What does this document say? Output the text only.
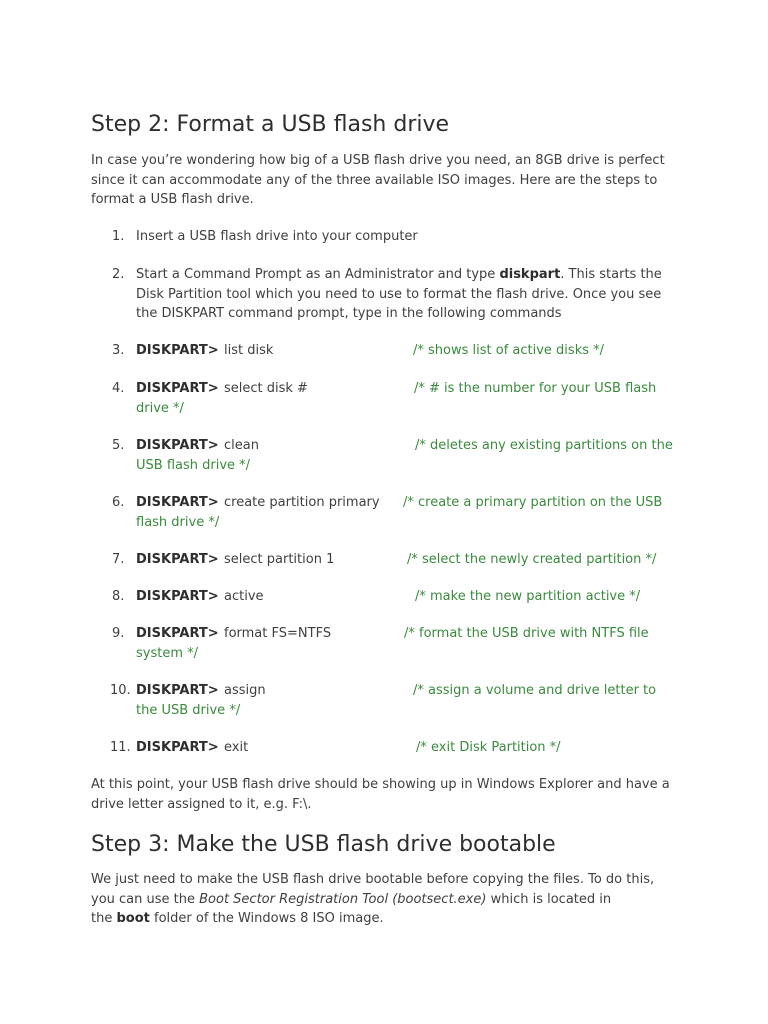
Step 2: Format a USB flash drive

In case you’re wondering how big of a USB flash drive you need, an 8GB drive is perfect
since it can accommodate any of the three available ISO images. Here are the steps to
format a USB flash drive.

1. Insert a USB flash drive into your computer
2. Start a Command Prompt as an Administrator and type diskpart. This starts the
Disk Partition tool which you need to use to format the flash drive. Once you see
the DISKPART command prompt, type in the following commands
3. DISKPART> list disk	/* shows list of active disks */
4. DISKPART> select disk #	/* # is the number for your USB flash
drive */
5. DISKPART> clean	/* deletes any existing partitions on the
USB flash drive */
6. DISKPART> create partition primary /* create a primary partition on the USB
flash drive */
7. DISKPART> select partition 1	/* select the newly created partition */
8. DISKPART> active	/* make the new partition active */
9. DISKPART> format FS=NTFS	/* format the USB drive with NTFS file
system */
10. DISKPART> assign	/* assign a volume and drive letter to
the USB drive */
11. DISKPART> exit	/* exit Disk Partition */

At this point, your USB flash drive should be showing up in Windows Explorer and have a
drive letter assigned to it, e.g. F:\.

Step 3: Make the USB flash drive bootable

We just need to make the USB flash drive bootable before copying the files. To do this,
you can use the Boot Sector Registration Tool (bootsect.exe) which is located in
the boot folder of the Windows 8 ISO image.
